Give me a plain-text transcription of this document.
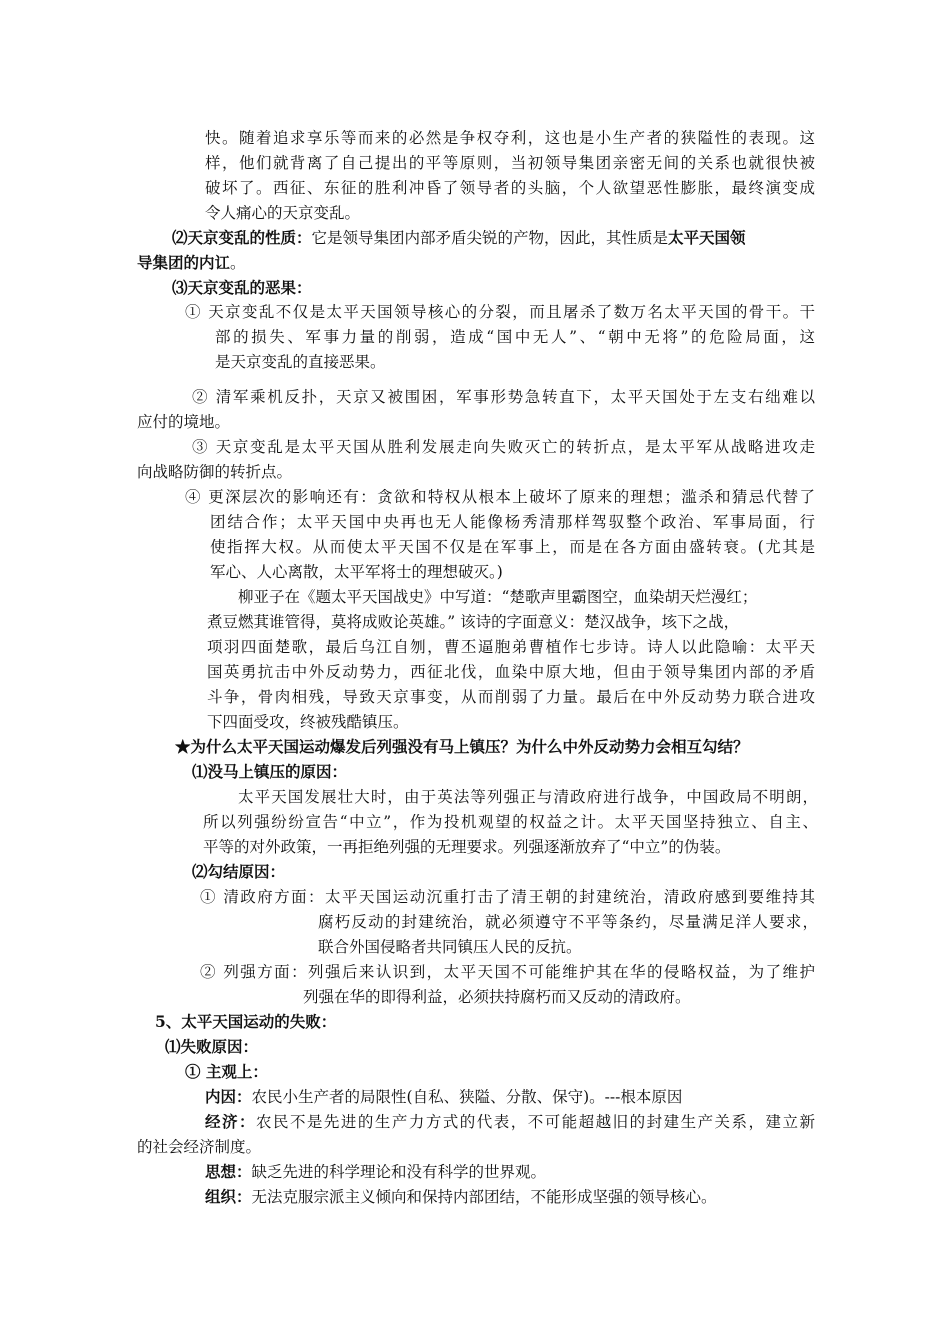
快。随着追求享乐等而来的必然是争权夺利，这也是小生产者的狭隘性的表现。这

样，他们就背离了自己提出的平等原则，当初领导集团亲密无间的关系也就很快被

破坏了。西征、东征的胜利冲昏了领导者的头脑，个人欲望恶性膨胀，最终演变成

令人痛心的天京变乱。

⑵天京变乱的性质：它是领导集团内部矛盾尖锐的产物，因此，其性质是太平天国领

导集团的内讧。

⑶天京变乱的恶果：

① 天京变乱不仅是太平天国领导核心的分裂，而且屠杀了数万名太平天国的骨干。干

部的损失、军事力量的削弱，造成“国中无人”、“朝中无将”的危险局面，这

是天京变乱的直接恶果。

② 清军乘机反扑，天京又被围困，军事形势急转直下，太平天国处于左支右绌难以

应付的境地。

③ 天京变乱是太平天国从胜利发展走向失败灭亡的转折点，是太平军从战略进攻走

向战略防御的转折点。

④ 更深层次的影响还有：贪欲和特权从根本上破坏了原来的理想；滥杀和猜忌代替了

团结合作；太平天国中央再也无人能像杨秀清那样驾驭整个政治、军事局面，行

使指挥大权。从而使太平天国不仅是在军事上，而是在各方面由盛转衰。(尤其是

军心、人心离散，太平军将士的理想破灭。)

柳亚子在《题太平天国战史》中写道：“楚歌声里霸图空，血染胡天烂漫红；

煮豆燃萁谁管得，莫将成败论英雄。” 该诗的字面意义：楚汉战争，垓下之战，

项羽四面楚歌，最后乌江自刎，曹丕逼胞弟曹植作七步诗。诗人以此隐喻：太平天

国英勇抗击中外反动势力，西征北伐，血染中原大地，但由于领导集团内部的矛盾

斗争，骨肉相残，导致天京事变，从而削弱了力量。最后在中外反动势力联合进攻

下四面受攻，终被残酷镇压。

★为什么太平天国运动爆发后列强没有马上镇压？为什么中外反动势力会相互勾结？

⑴没马上镇压的原因：

太平天国发展壮大时，由于英法等列强正与清政府进行战争，中国政局不明朗，

所以列强纷纷宣告“中立”，作为投机观望的权益之计。太平天国坚持独立、自主、

平等的对外政策，一再拒绝列强的无理要求。列强逐渐放弃了“中立”的伪装。

⑵勾结原因：

① 清政府方面：太平天国运动沉重打击了清王朝的封建统治，清政府感到要维持其

腐朽反动的封建统治，就必须遵守不平等条约，尽量满足洋人要求，

联合外国侵略者共同镇压人民的反抗。

② 列强方面：列强后来认识到，太平天国不可能维护其在华的侵略权益，为了维护

列强在华的即得利益，必须扶持腐朽而又反动的清政府。

5、太平天国运动的失败：

⑴失败原因：

① 主观上：

内因：农民小生产者的局限性(自私、狭隘、分散、保守)。---根本原因

经济：农民不是先进的生产力方式的代表，不可能超越旧的封建生产关系，建立新

的社会经济制度。

思想：缺乏先进的科学理论和没有科学的世界观。

组织：无法克服宗派主义倾向和保持内部团结，不能形成坚强的领导核心。
